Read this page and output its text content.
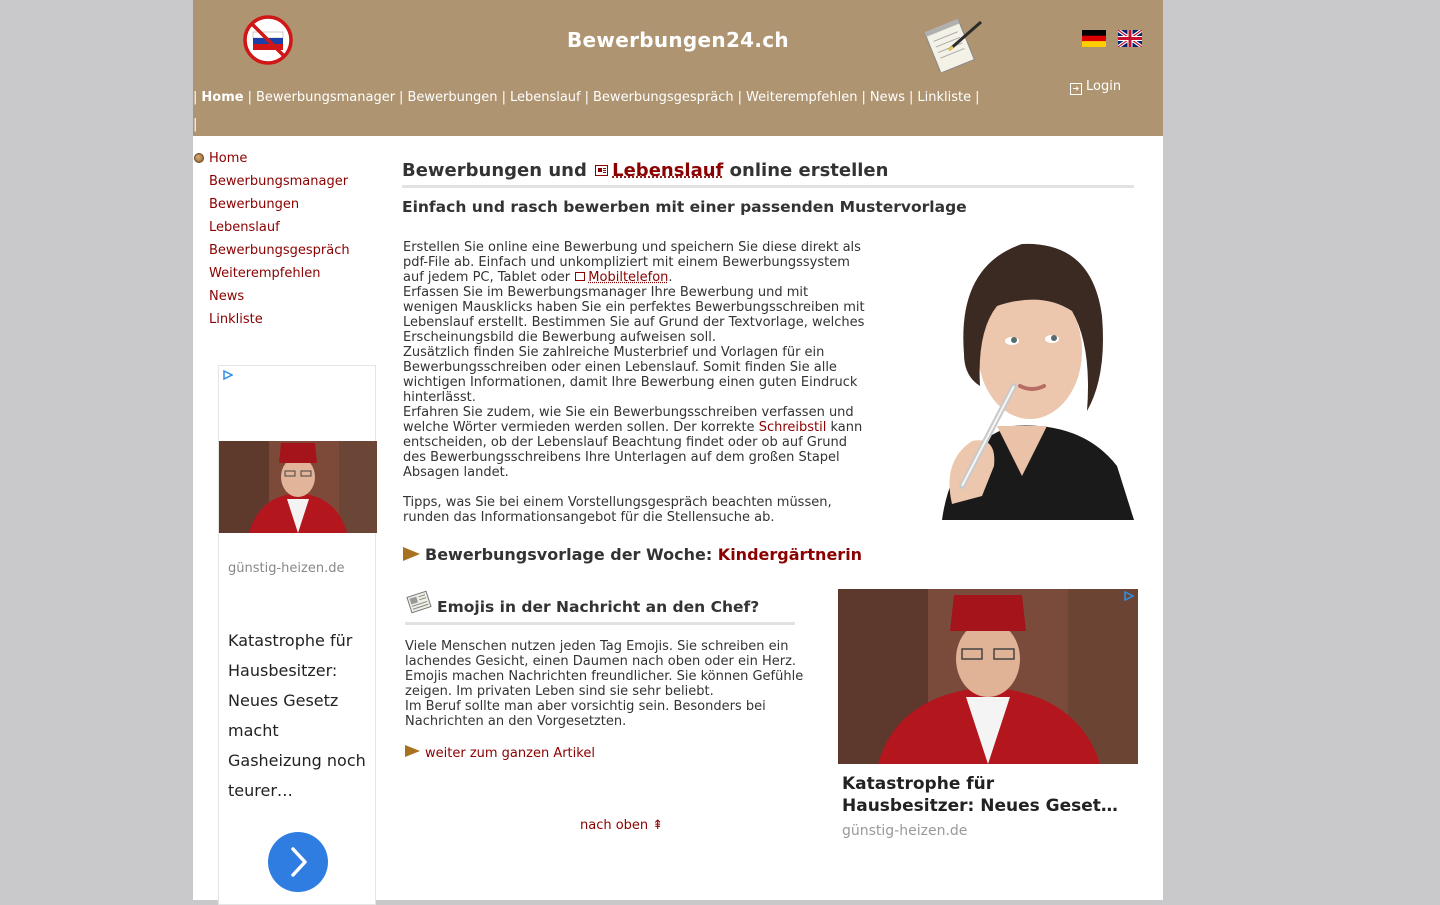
Bewerbungen24.ch
| Home | Bewerbungsmanager | Bewerbungen | Lebenslauf | Bewerbungsgespräch | Weiterempfehlen | News | Linkliste |
|
➜ Login
Home
Bewerbungsmanager
Bewerbungen
Lebenslauf
Bewerbungsgespräch
Weiterempfehlen
News
Linkliste
günstig-heizen.de
Katastrophe für Hausbesitzer: Neues Gesetz macht Gasheizung noch teurer…
Bewerbungen und Lebenslauf online erstellen
Einfach und rasch bewerben mit einer passenden Mustervorlage

Erstellen Sie online eine Bewerbung und speichern Sie diese direkt als pdf-File ab. Einfach und unkompliziert mit einem Bewerbungssystem auf jedem PC, Tablet oder Mobiltelefon.

Erfassen Sie im Bewerbungsmanager Ihre Bewerbung und mit wenigen Mausklicks haben Sie ein perfektes Bewerbungsschreiben mit Lebenslauf erstellt. Bestimmen Sie auf Grund der Textvorlage, welches Erscheinungsbild die Bewerbung aufweisen soll.

Zusätzlich finden Sie zahlreiche Musterbrief und Vorlagen für ein Bewerbungsschreiben oder einen Lebenslauf. Somit finden Sie alle wichtigen Informationen, damit Ihre Bewerbung einen guten Eindruck hinterlässt.

Erfahren Sie zudem, wie Sie ein Bewerbungsschreiben verfassen und welche Wörter vermieden werden sollen. Der korrekte Schreibstil kann entscheiden, ob der Lebenslauf Beachtung findet oder ob auf Grund des Bewerbungsschreibens Ihre Unterlagen auf dem großen Stapel Absagen landet.

Tipps, was Sie bei einem Vorstellungsgespräch beachten müssen, runden das Informationsangebot für die Stellensuche ab.

Bewerbungsvorlage der Woche: Kindergärtnerin
Emojis in der Nachricht an den Chef?

Viele Menschen nutzen jeden Tag Emojis. Sie schreiben ein lachendes Gesicht, einen Daumen nach oben oder ein Herz. Emojis machen Nachrichten freundlicher. Sie können Gefühle zeigen. Im privaten Leben sind sie sehr beliebt.

Im Beruf sollte man aber vorsichtig sein. Besonders bei Nachrichten an den Vorgesetzten.

weiter zum ganzen Artikel
nach oben ⇞
Katastrophe für
Hausbesitzer: Neues Geset…
günstig-heizen.de
